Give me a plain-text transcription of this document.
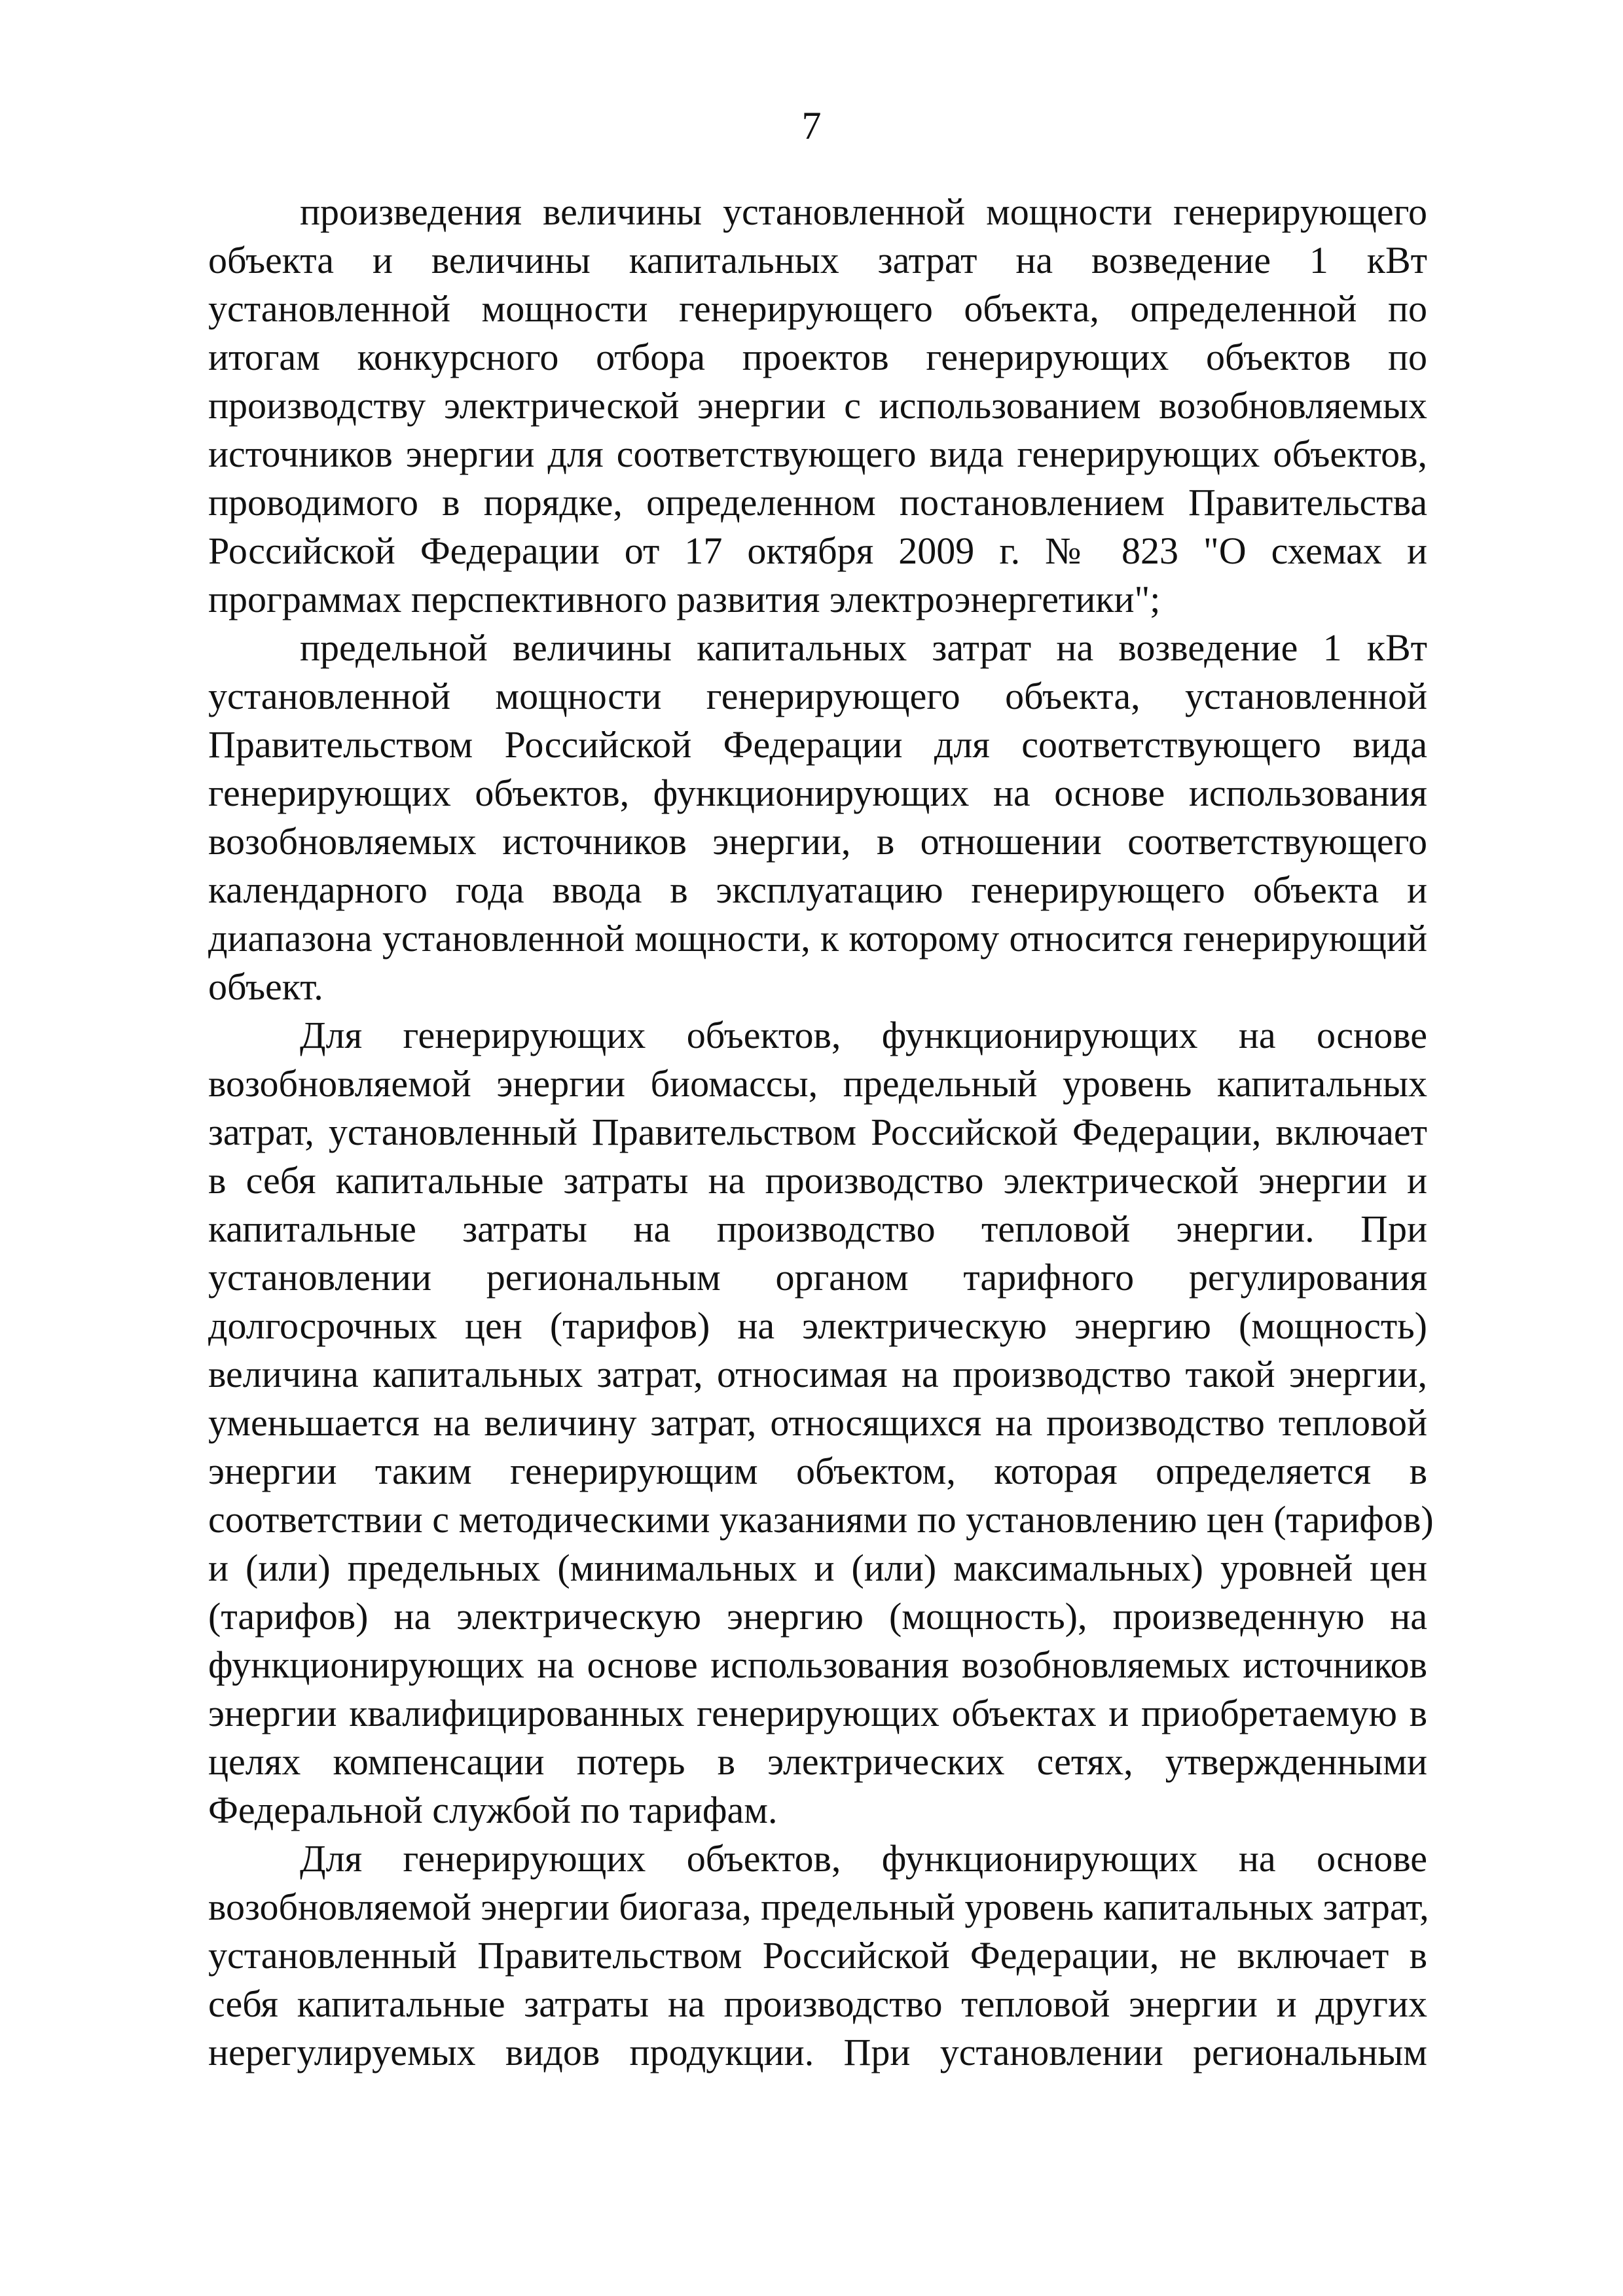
7
произведения величины установленной мощности генерирующего
объекта и величины капитальных затрат на возведение 1 кВт
установленной мощности генерирующего объекта, определенной по
итогам конкурсного отбора проектов генерирующих объектов по
производству электрической энергии с использованием возобновляемых
источников энергии для соответствующего вида генерирующих объектов,
проводимого в порядке, определенном постановлением Правительства
Российской Федерации от 17 октября 2009 г. № 823 "О схемах и
программах перспективного развития электроэнергетики";
предельной величины капитальных затрат на возведение 1 кВт
установленной мощности генерирующего объекта, установленной
Правительством Российской Федерации для соответствующего вида
генерирующих объектов, функционирующих на основе использования
возобновляемых источников энергии, в отношении соответствующего
календарного года ввода в эксплуатацию генерирующего объекта и
диапазона установленной мощности, к которому относится генерирующий
объект.
Для генерирующих объектов, функционирующих на основе
возобновляемой энергии биомассы, предельный уровень капитальных
затрат, установленный Правительством Российской Федерации, включает
в себя капитальные затраты на производство электрической энергии и
капитальные затраты на производство тепловой энергии. При
установлении региональным органом тарифного регулирования
долгосрочных цен (тарифов) на электрическую энергию (мощность)
величина капитальных затрат, относимая на производство такой энергии,
уменьшается на величину затрат, относящихся на производство тепловой
энергии таким генерирующим объектом, которая определяется в
соответствии с методическими указаниями по установлению цен (тарифов)
и (или) предельных (минимальных и (или) максимальных) уровней цен
(тарифов) на электрическую энергию (мощность), произведенную на
функционирующих на основе использования возобновляемых источников
энергии квалифицированных генерирующих объектах и приобретаемую в
целях компенсации потерь в электрических сетях, утвержденными
Федеральной службой по тарифам.
Для генерирующих объектов, функционирующих на основе
возобновляемой энергии биогаза, предельный уровень капитальных затрат,
установленный Правительством Российской Федерации, не включает в
себя капитальные затраты на производство тепловой энергии и других
нерегулируемых видов продукции. При установлении региональным
